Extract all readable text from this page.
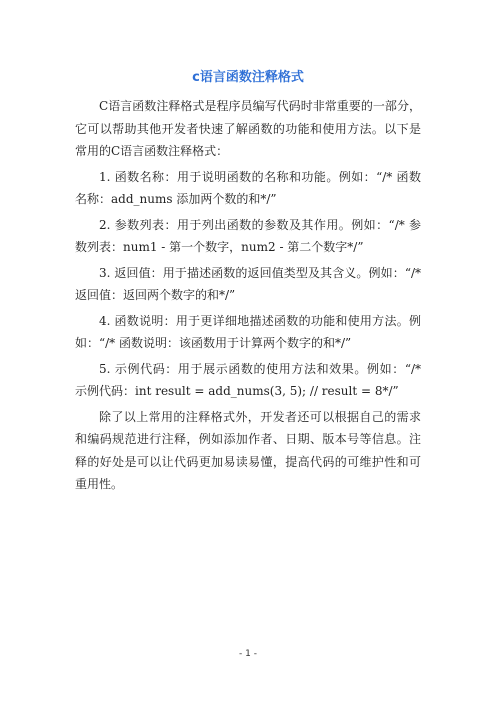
c语言函数注释格式

C语言函数注释格式是程序员编写代码时非常重要的一部分，它可以帮助其他开发者快速了解函数的功能和使用方法。以下是常用的C语言函数注释格式：

1. 函数名称：用于说明函数的名称和功能。例如：“/* 函数名称：add_nums 添加两个数的和*/”

2. 参数列表：用于列出函数的参数及其作用。例如：“/* 参数列表：num1 - 第一个数字，num2 - 第二个数字*/”

3. 返回值：用于描述函数的返回值类型及其含义。例如：“/* 返回值：返回两个数字的和*/”

4. 函数说明：用于更详细地描述函数的功能和使用方法。例如：“/* 函数说明：该函数用于计算两个数字的和*/”

5. 示例代码：用于展示函数的使用方法和效果。例如：“/* 示例代码：int result = add_nums(3, 5); // result = 8*/”

除了以上常用的注释格式外，开发者还可以根据自己的需求和编码规范进行注释，例如添加作者、日期、版本号等信息。注释的好处是可以让代码更加易读易懂，提高代码的可维护性和可重用性。

- 1 -
